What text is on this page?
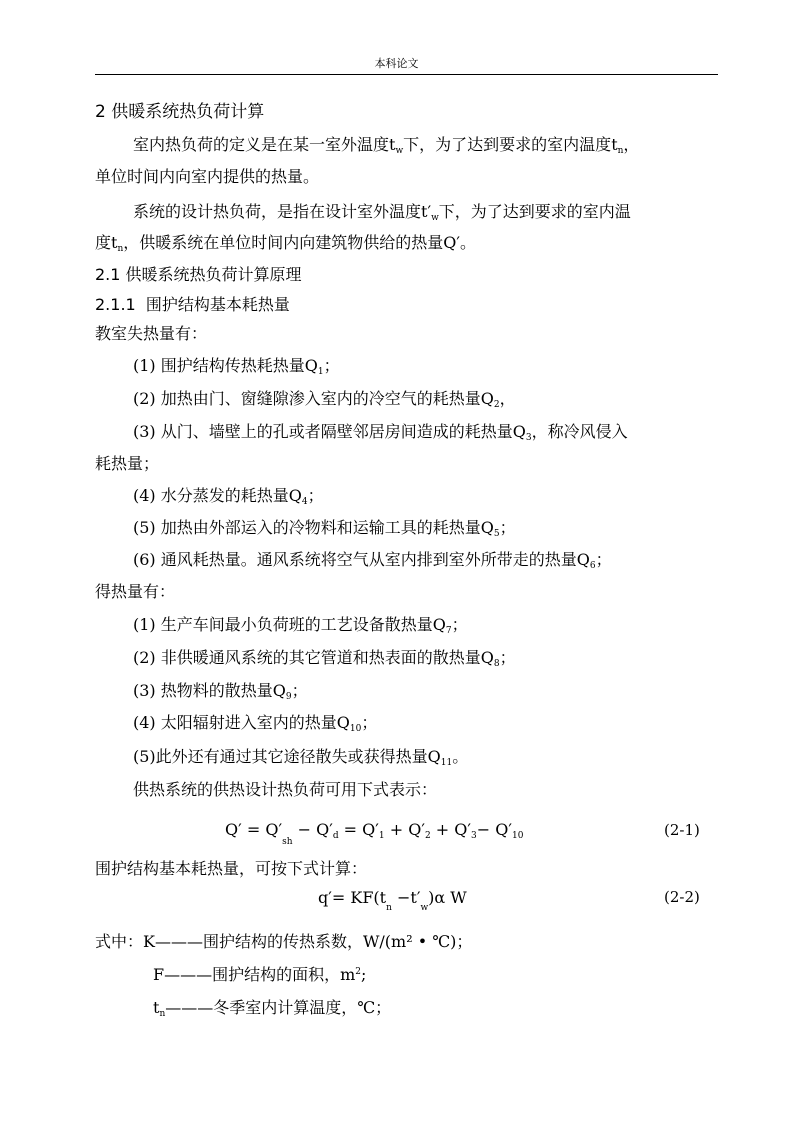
本科论文
2 供暖系统热负荷计算
室内热负荷的定义是在某一室外温度$t_w$下，为了达到要求的室内温度$t_n$，
单位时间内向室内提供的热量。
系统的设计热负荷，是指在设计室外温度$t'_w$下，为了达到要求的室内温
度$t_n$，供暖系统在单位时间内向建筑物供给的热量Q′。
2.1 供暖系统热负荷计算原理
2.1.1 围护结构基本耗热量
教室失热量有：
(1) 围护结构传热耗热量$Q_1$；
(2) 加热由门、窗缝隙渗入室内的冷空气的耗热量$Q_2$，
(3) 从门、墙壁上的孔或者隔壁邻居房间造成的耗热量$Q_3$，称冷风侵入
耗热量；
(4) 水分蒸发的耗热量$Q_4$；
(5) 加热由外部运入的冷物料和运输工具的耗热量$Q_5$；
(6) 通风耗热量。通风系统将空气从室内排到室外所带走的热量$Q_6$；
得热量有：
(1) 生产车间最小负荷班的工艺设备散热量$Q_7$；
(2) 非供暖通风系统的其它管道和热表面的散热量$Q_8$；
(3) 热物料的散热量$Q_9$；
(4) 太阳辐射进入室内的热量$Q_{10}$；
(5)此外还有通过其它途径散失或获得热量$Q_{11}$。
供热系统的供热设计热负荷可用下式表示：
$Q' = Q'_{sh} - Q'_d = Q'_1 + Q'_2 + Q'_3- Q'_{10}$	(2-1)
围护结构基本耗热量，可按下式计算：
$q'= KF(t_n -t'_w)\alpha$ W	(2-2)
式中：K———围护结构的传热系数，W/(m² • ℃)；
F———围护结构的面积，$m^2$;
$t_n———$冬季室内计算温度，℃；
